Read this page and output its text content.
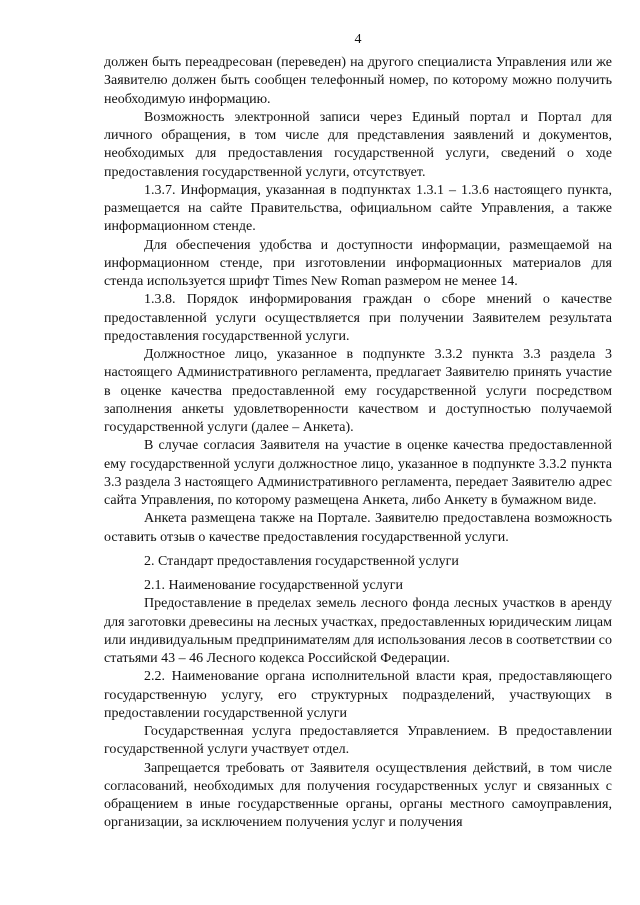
4

должен быть переадресован (переведен) на другого специалиста Управления или же Заявителю должен быть сообщен телефонный номер, по которому можно получить необходимую информацию.

Возможность электронной записи через Единый портал и Портал для личного обращения, в том числе для представления заявлений и документов, необходимых для предоставления государственной услуги, сведений о ходе предоставления государственной услуги, отсутствует.

1.3.7. Информация, указанная в подпунктах 1.3.1 – 1.3.6 настоящего пункта, размещается на сайте Правительства, официальном сайте Управления, а также информационном стенде.

Для обеспечения удобства и доступности информации, размещаемой на информационном стенде, при изготовлении информационных материалов для стенда используется шрифт Times New Roman размером не менее 14.

1.3.8. Порядок информирования граждан о сборе мнений о качестве предоставленной услуги осуществляется при получении Заявителем результата предоставления государственной услуги.

Должностное лицо, указанное в подпункте 3.3.2 пункта 3.3 раздела 3 настоящего Административного регламента, предлагает Заявителю принять участие в оценке качества предоставленной ему государственной услуги посредством заполнения анкеты удовлетворенности качеством и доступностью получаемой государственной услуги (далее – Анкета).

В случае согласия Заявителя на участие в оценке качества предоставленной ему государственной услуги должностное лицо, указанное в подпункте 3.3.2 пункта 3.3 раздела 3 настоящего Административного регламента, передает Заявителю адрес сайта Управления, по которому размещена Анкета, либо Анкету в бумажном виде.

Анкета размещена также на Портале. Заявителю предоставлена возможность оставить отзыв о качестве предоставления государственной услуги.

2. Стандарт предоставления государственной услуги

2.1. Наименование государственной услуги

Предоставление в пределах земель лесного фонда лесных участков в аренду для заготовки древесины на лесных участках, предоставленных юридическим лицам или индивидуальным предпринимателям для использования лесов в соответствии со статьями 43 – 46 Лесного кодекса Российской Федерации.

2.2. Наименование органа исполнительной власти края, предоставляющего государственную услугу, его структурных подразделений, участвующих в предоставлении государственной услуги

Государственная услуга предоставляется Управлением. В предоставлении государственной услуги участвует отдел.

Запрещается требовать от Заявителя осуществления действий, в том числе согласований, необходимых для получения государственных услуг и связанных с обращением в иные государственные органы, органы местного самоуправления, организации, за исключением получения услуг и получения
